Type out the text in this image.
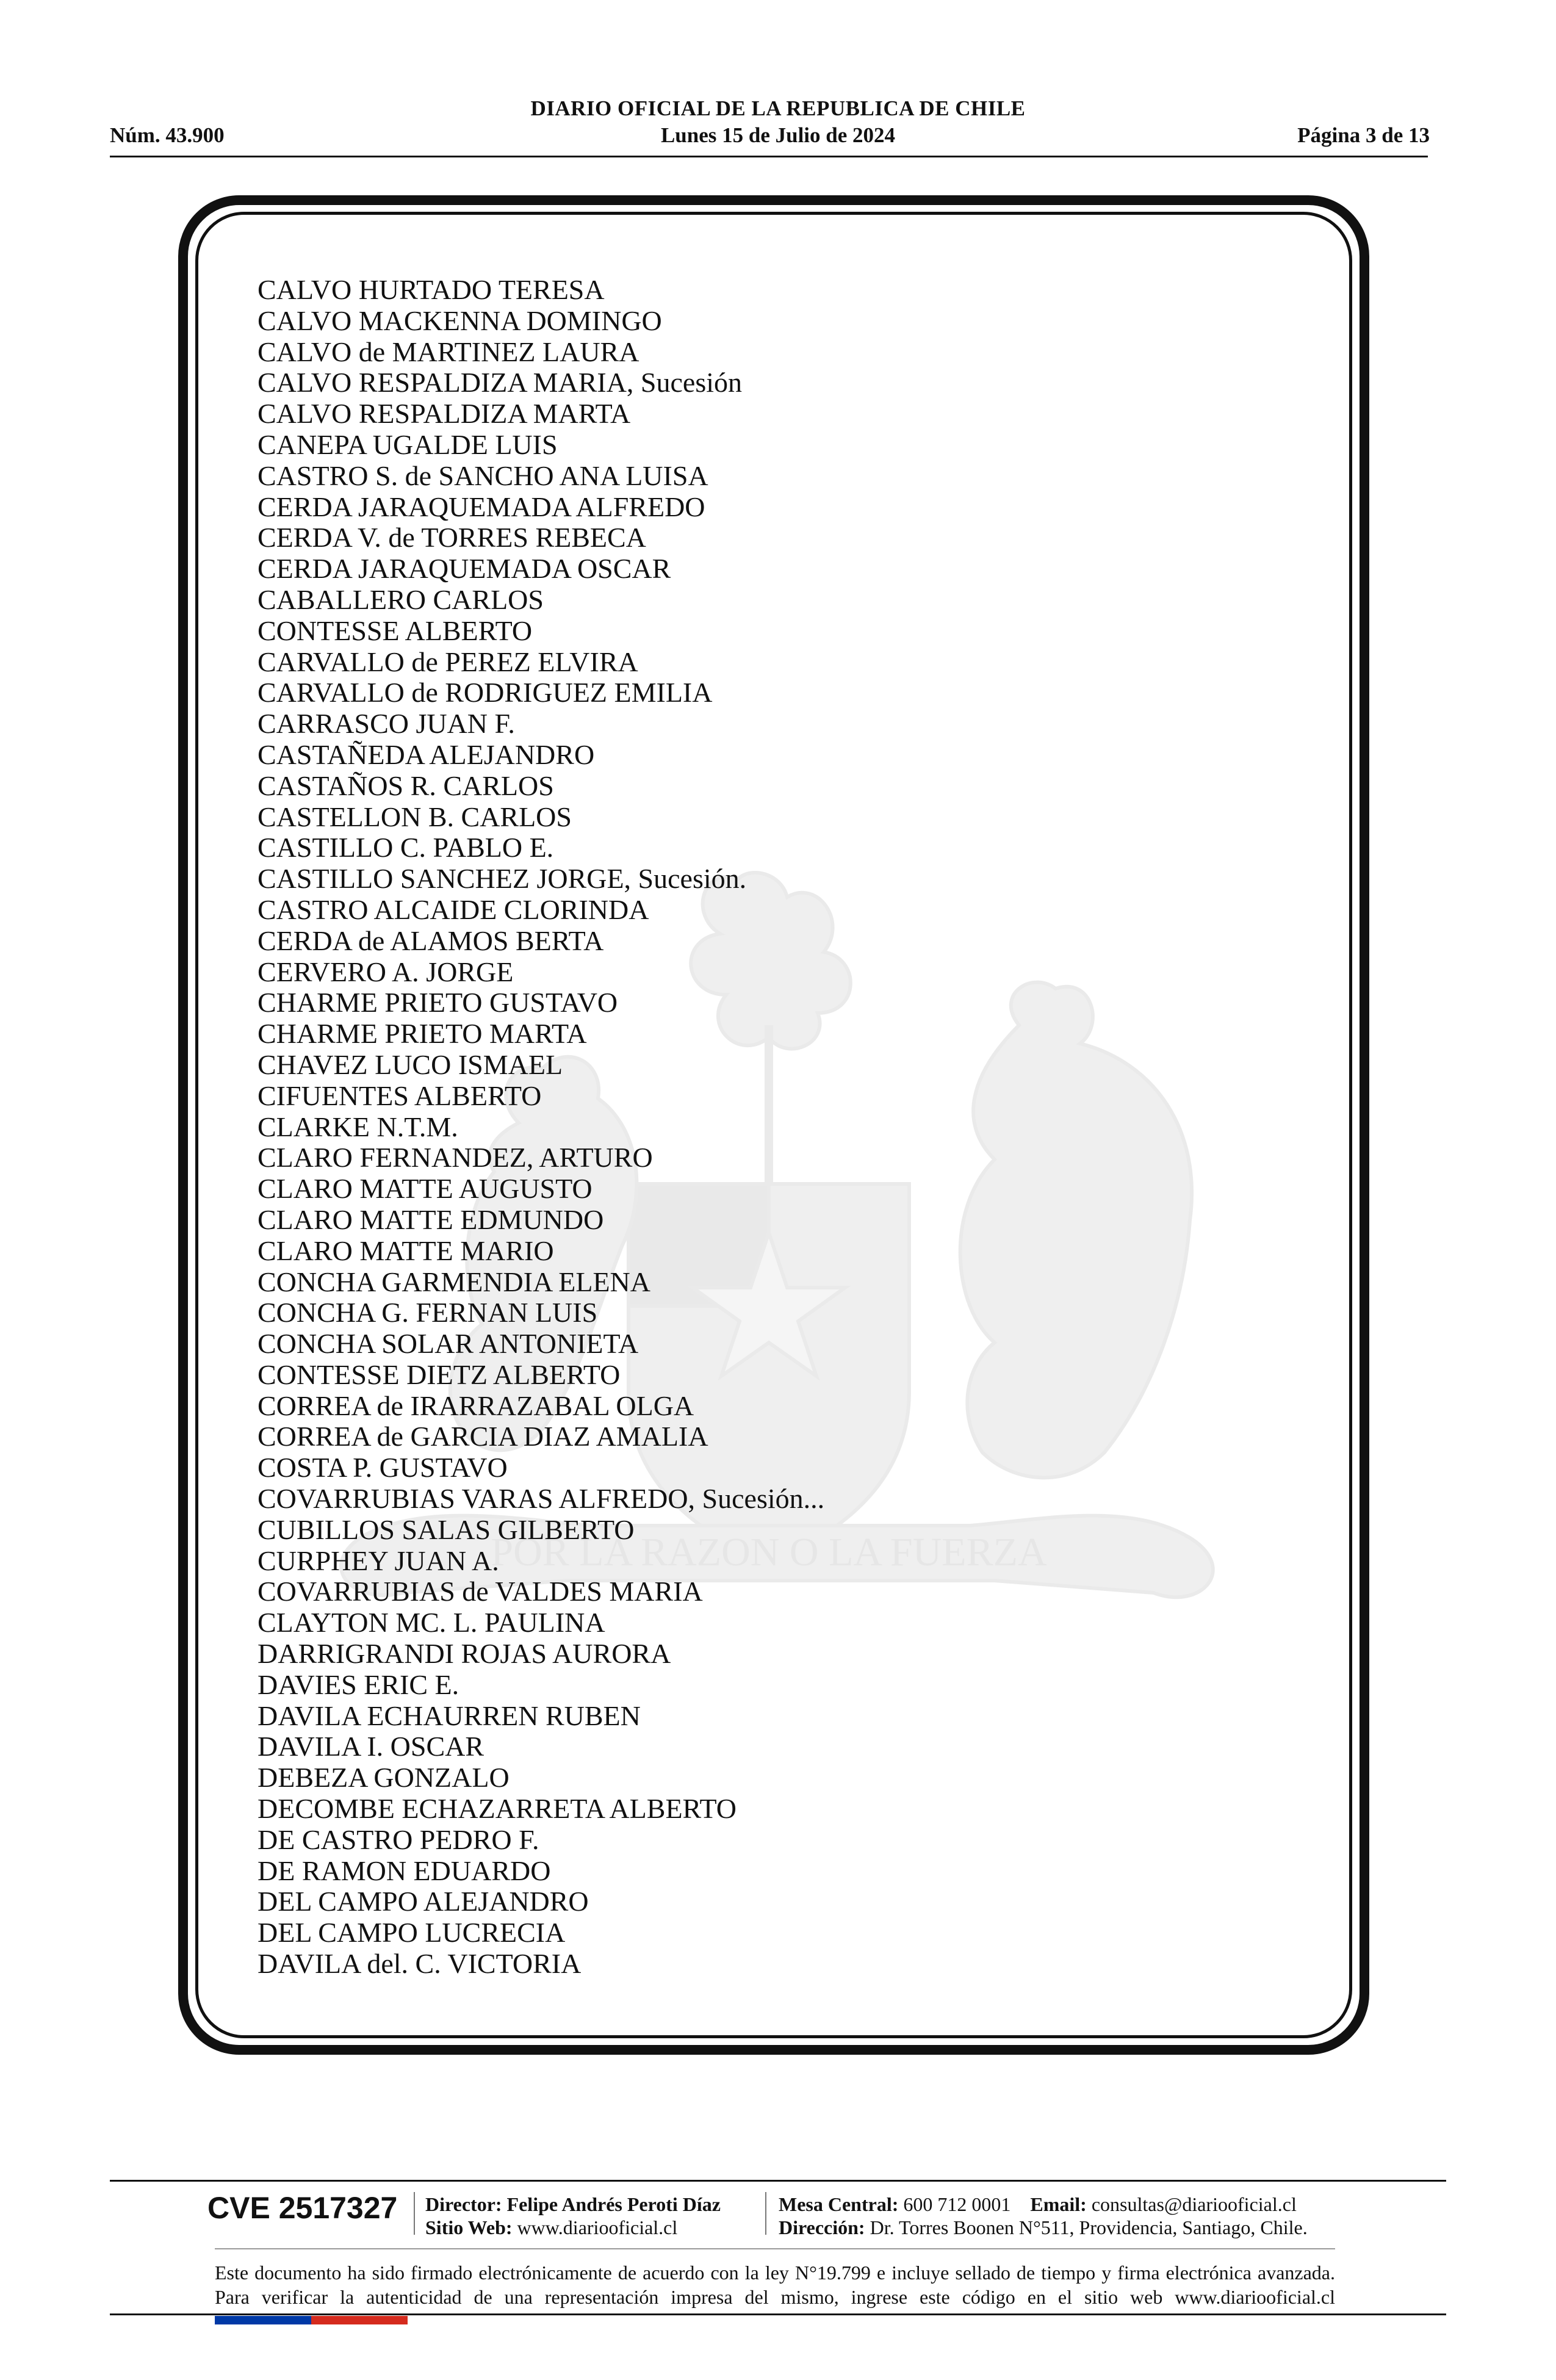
Núm. 43.900
DIARIO OFICIAL DE LA REPUBLICA DE CHILE
Lunes 15 de Julio de 2024	Página 3 de 13
POR LA RAZON O LA FUERZA
CALVO HURTADO TERESA
CALVO MACKENNA DOMINGO
CALVO de MARTINEZ LAURA
CALVO RESPALDIZA MARIA, Sucesión
CALVO RESPALDIZA MARTA
CANEPA UGALDE LUIS
CASTRO S. de SANCHO ANA LUISA
CERDA JARAQUEMADA ALFREDO
CERDA V. de TORRES REBECA
CERDA JARAQUEMADA OSCAR
CABALLERO CARLOS
CONTESSE ALBERTO
CARVALLO de PEREZ ELVIRA
CARVALLO de RODRIGUEZ EMILIA
CARRASCO JUAN F.
CASTAÑEDA ALEJANDRO
CASTAÑOS R. CARLOS
CASTELLON B. CARLOS
CASTILLO C. PABLO E.
CASTILLO SANCHEZ JORGE, Sucesión.
CASTRO ALCAIDE CLORINDA
CERDA de ALAMOS BERTA
CERVERO A. JORGE
CHARME PRIETO GUSTAVO
CHARME PRIETO MARTA
CHAVEZ LUCO ISMAEL
CIFUENTES ALBERTO
CLARKE N.T.M.
CLARO FERNANDEZ, ARTURO
CLARO MATTE AUGUSTO
CLARO MATTE EDMUNDO
CLARO MATTE MARIO
CONCHA GARMENDIA ELENA
CONCHA G. FERNAN LUIS
CONCHA SOLAR ANTONIETA
CONTESSE DIETZ ALBERTO
CORREA de IRARRAZABAL OLGA
CORREA de GARCIA DIAZ AMALIA
COSTA P. GUSTAVO
COVARRUBIAS VARAS ALFREDO, Sucesión...
CUBILLOS SALAS GILBERTO
CURPHEY JUAN A.
COVARRUBIAS de VALDES MARIA
CLAYTON MC. L. PAULINA
DARRIGRANDI ROJAS AURORA
DAVIES ERIC E.
DAVILA ECHAURREN RUBEN
DAVILA I. OSCAR
DEBEZA GONZALO
DECOMBE ECHAZARRETA ALBERTO
DE CASTRO PEDRO F.
DE RAMON EDUARDO
DEL CAMPO ALEJANDRO
DEL CAMPO LUCRECIA
DAVILA del. C. VICTORIA
CVE 2517327 Director: Felipe Andrés Peroti Díaz
Sitio Web: www.diariooficial.cl
Mesa Central: 600 712 0001 Email: consultas@diariooficial.cl
Dirección: Dr. Torres Boonen N°511, Providencia, Santiago, Chile.
Este documento ha sido firmado electrónicamente de acuerdo con la ley N°19.799 e incluye sellado de tiempo y firma electrónica avanzada. Para verificar la autenticidad de una representación impresa del mismo, ingrese este código en el sitio web www.diariooficial.cl
